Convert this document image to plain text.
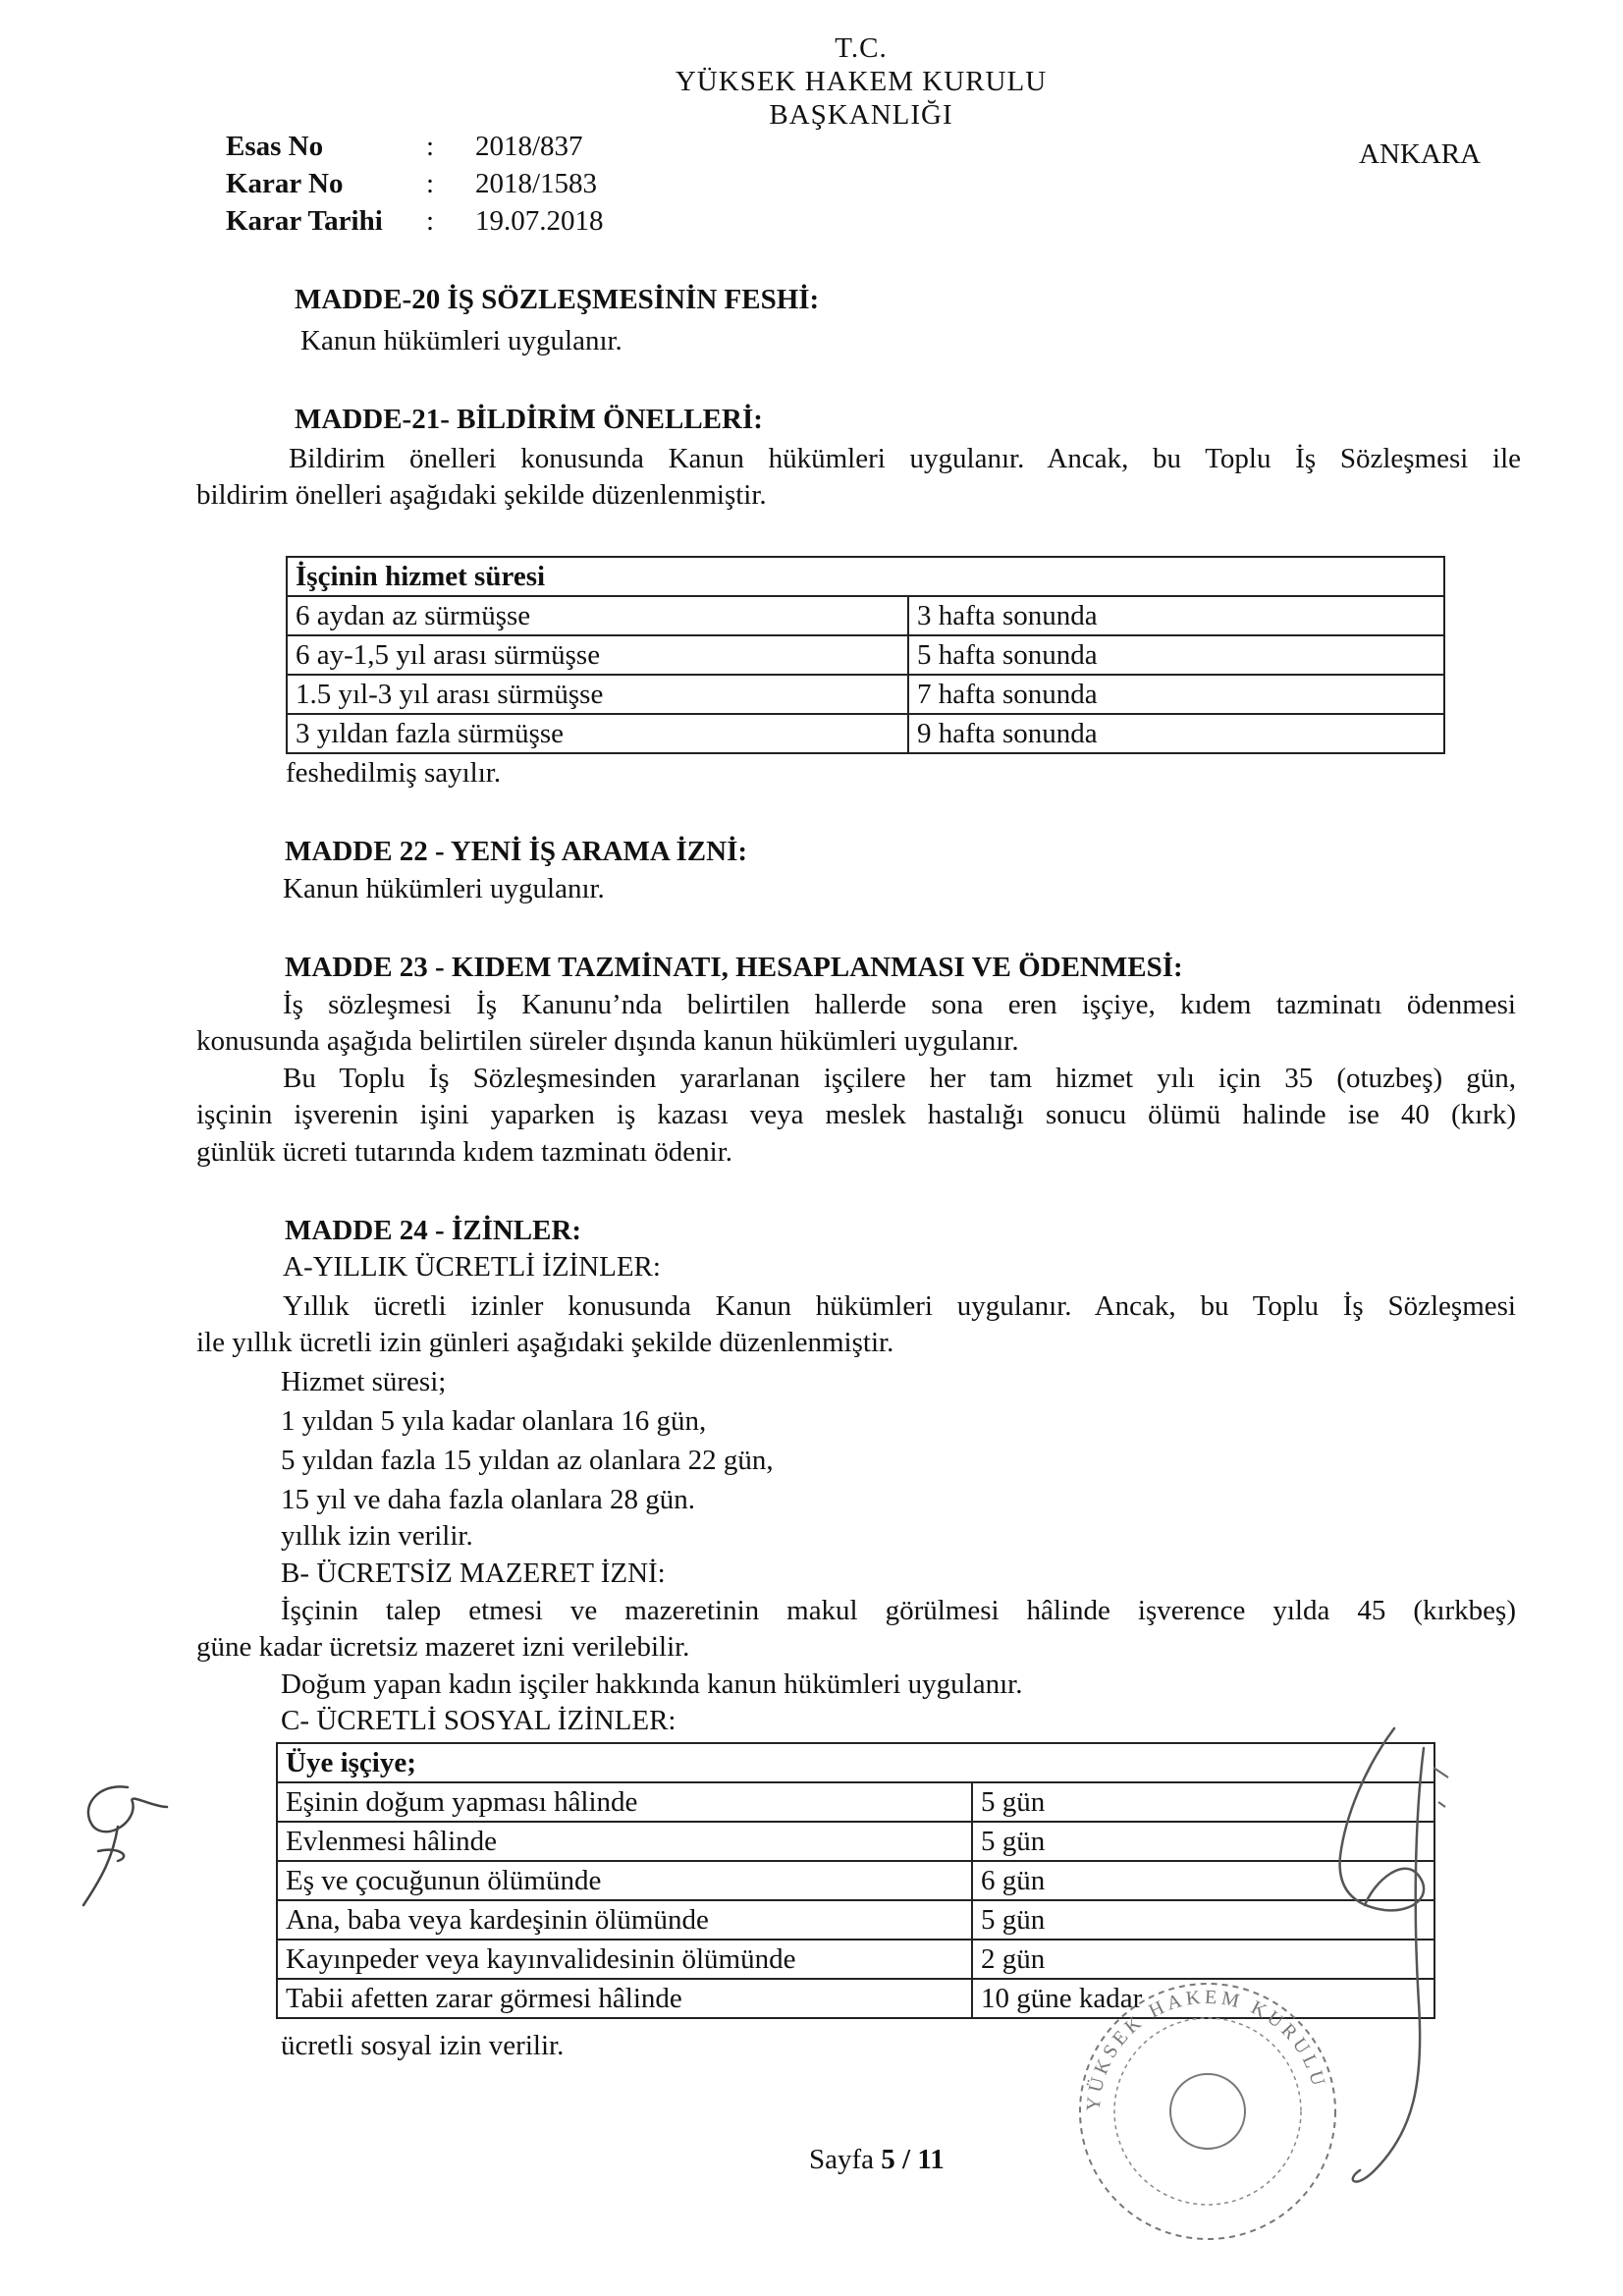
T.C.
YÜKSEK HAKEM KURULU
BAŞKANLIĞI
ANKARA
Esas No	: 2018/837
Karar No	: 2018/1583
Karar Tarihi : 19.07.2018
MADDE-20 İŞ SÖZLEŞMESİNİN FESHİ:
Kanun hükümleri uygulanır.
MADDE-21- BİLDİRİM ÖNELLERİ:
Bildirim önelleri konusunda Kanun hükümleri uygulanır. Ancak, bu Toplu İş Sözleşmesi ile
bildirim önelleri aşağıdaki şekilde düzenlenmiştir.
İşçinin hizmet süresi	
6 aydan az sürmüşse	3 hafta sonunda
6 ay-1,5 yıl arası sürmüşse	5 hafta sonunda
1.5 yıl-3 yıl arası sürmüşse	7 hafta sonunda
3 yıldan fazla sürmüşse	9 hafta sonunda
feshedilmiş sayılır.
MADDE 22 - YENİ İŞ ARAMA İZNİ:
Kanun hükümleri uygulanır.
MADDE 23 - KIDEM TAZMİNATI, HESAPLANMASI VE ÖDENMESİ:
İş sözleşmesi İş Kanunu’nda belirtilen hallerde sona eren işçiye, kıdem tazminatı ödenmesi
konusunda aşağıda belirtilen süreler dışında kanun hükümleri uygulanır.
Bu Toplu İş Sözleşmesinden yararlanan işçilere her tam hizmet yılı için 35 (otuzbeş) gün,
işçinin işverenin işini yaparken iş kazası veya meslek hastalığı sonucu ölümü halinde ise 40 (kırk)
günlük ücreti tutarında kıdem tazminatı ödenir.
MADDE 24 - İZİNLER:
A-YILLIK ÜCRETLİ İZİNLER:
Yıllık ücretli izinler konusunda Kanun hükümleri uygulanır. Ancak, bu Toplu İş Sözleşmesi
ile yıllık ücretli izin günleri aşağıdaki şekilde düzenlenmiştir.
Hizmet süresi;
1 yıldan 5 yıla kadar olanlara 16 gün,
5 yıldan fazla 15 yıldan az olanlara 22 gün,
15 yıl ve daha fazla olanlara 28 gün.
yıllık izin verilir.
B- ÜCRETSİZ MAZERET İZNİ:
İşçinin talep etmesi ve mazeretinin makul görülmesi hâlinde işverence yılda 45 (kırkbeş)
güne kadar ücretsiz mazeret izni verilebilir.
Doğum yapan kadın işçiler hakkında kanun hükümleri uygulanır.
C- ÜCRETLİ SOSYAL İZİNLER:
Üye işçiye;	
Eşinin doğum yapması hâlinde	5 gün
Evlenmesi hâlinde	5 gün
Eş ve çocuğunun ölümünde	6 gün
Ana, baba veya kardeşinin ölümünde	5 gün
Kayınpeder veya kayınvalidesinin ölümünde	2 gün
Tabii afetten zarar görmesi hâlinde	10 güne kadar
ücretli sosyal izin verilir.
Sayfa 5 / 11
YÜKSEK HAKEM KURULU
